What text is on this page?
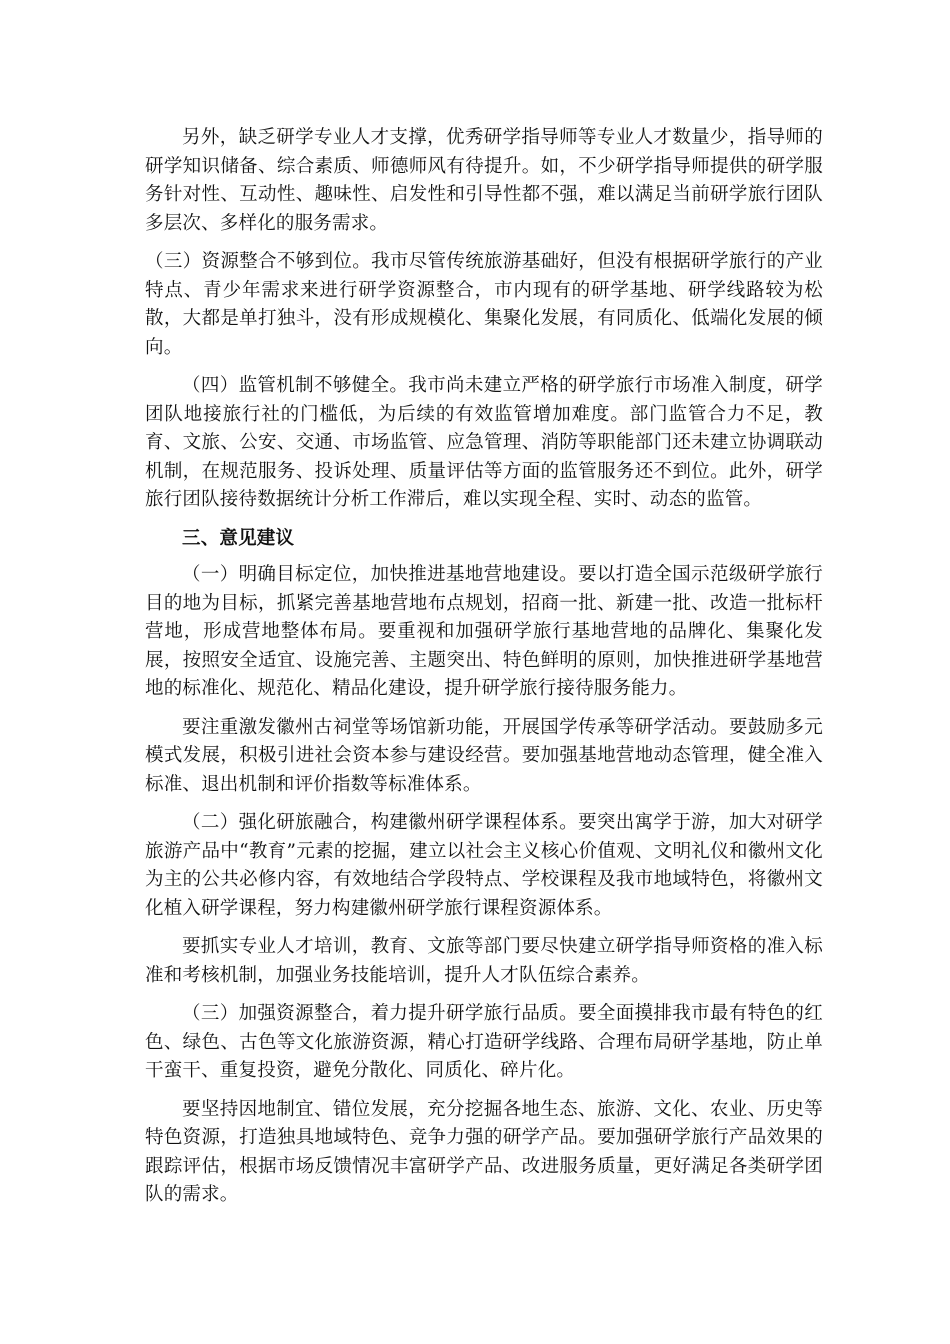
另外，缺乏研学专业人才支撑，优秀研学指导师等专业人才数量少，指导师的研学知识储备、综合素质、师德师风有待提升。如，不少研学指导师提供的研学服务针对性、互动性、趣味性、启发性和引导性都不强，难以满足当前研学旅行团队多层次、多样化的服务需求。

（三）资源整合不够到位。我市尽管传统旅游基础好，但没有根据研学旅行的产业特点、青少年需求来进行研学资源整合，市内现有的研学基地、研学线路较为松散，大都是单打独斗，没有形成规模化、集聚化发展，有同质化、低端化发展的倾向。

（四）监管机制不够健全。我市尚未建立严格的研学旅行市场准入制度，研学团队地接旅行社的门槛低，为后续的有效监管增加难度。部门监管合力不足，教育、文旅、公安、交通、市场监管、应急管理、消防等职能部门还未建立协调联动机制，在规范服务、投诉处理、质量评估等方面的监管服务还不到位。此外，研学旅行团队接待数据统计分析工作滞后，难以实现全程、实时、动态的监管。

三、意见建议

（一）明确目标定位，加快推进基地营地建设。要以打造全国示范级研学旅行目的地为目标，抓紧完善基地营地布点规划，招商一批、新建一批、改造一批标杆营地，形成营地整体布局。要重视和加强研学旅行基地营地的品牌化、集聚化发展，按照安全适宜、设施完善、主题突出、特色鲜明的原则，加快推进研学基地营地的标准化、规范化、精品化建设，提升研学旅行接待服务能力。

要注重激发徽州古祠堂等场馆新功能，开展国学传承等研学活动。要鼓励多元模式发展，积极引进社会资本参与建设经营。要加强基地营地动态管理，健全准入标准、退出机制和评价指数等标准体系。

（二）强化研旅融合，构建徽州研学课程体系。要突出寓学于游，加大对研学旅游产品中“教育”元素的挖掘，建立以社会主义核心价值观、文明礼仪和徽州文化为主的公共必修内容，有效地结合学段特点、学校课程及我市地域特色，将徽州文化植入研学课程，努力构建徽州研学旅行课程资源体系。

要抓实专业人才培训，教育、文旅等部门要尽快建立研学指导师资格的准入标准和考核机制，加强业务技能培训，提升人才队伍综合素养。

（三）加强资源整合，着力提升研学旅行品质。要全面摸排我市最有特色的红色、绿色、古色等文化旅游资源，精心打造研学线路、合理布局研学基地，防止单干蛮干、重复投资，避免分散化、同质化、碎片化。

要坚持因地制宜、错位发展，充分挖掘各地生态、旅游、文化、农业、历史等特色资源，打造独具地域特色、竞争力强的研学产品。要加强研学旅行产品效果的跟踪评估，根据市场反馈情况丰富研学产品、改进服务质量，更好满足各类研学团队的需求。
